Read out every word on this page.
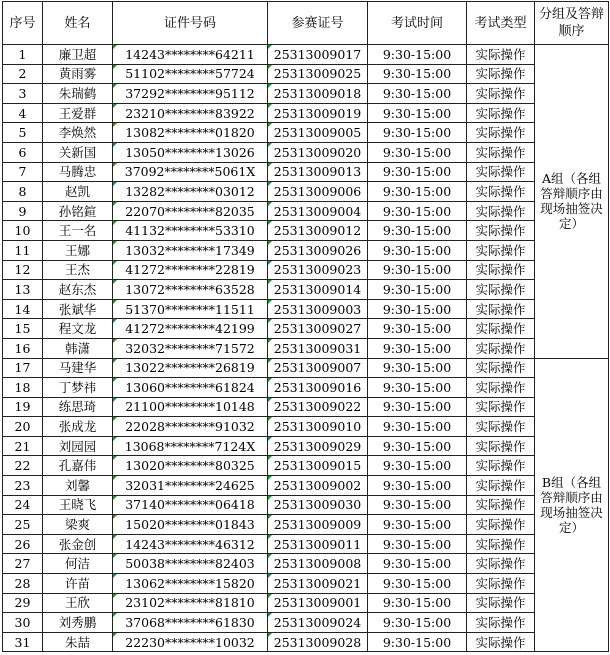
序号	姓名	证件号码	参赛证号	考试时间	考试类型	分组及答辩顺序
1	廉卫超	14243********64211	25313009017	9:30-15:00	实际操作	A组（各组答辩顺序由现场抽签决定）
2	黄雨雾	51102********57724	25313009025	9:30-15:00	实际操作	
3	朱瑞鹤	37292********95112	25313009018	9:30-15:00	实际操作	
4	王爱群	23210********83922	25313009019	9:30-15:00	实际操作	
5	李焕然	13082********01820	25313009005	9:30-15:00	实际操作	
6	关新国	13050********13026	25313009020	9:30-15:00	实际操作	
7	马腾忠	37092********5061X	25313009013	9:30-15:00	实际操作	
8	赵凯	13282********03012	25313009006	9:30-15:00	实际操作	
9	孙铭鍹	22070********82035	25313009004	9:30-15:00	实际操作	
10	王一名	41132********53310	25313009012	9:30-15:00	实际操作	
11	王娜	13032********17349	25313009026	9:30-15:00	实际操作	
12	王杰	41272********22819	25313009023	9:30-15:00	实际操作	
13	赵东杰	13072********63528	25313009014	9:30-15:00	实际操作	
14	张斌华	51370********11511	25313009003	9:30-15:00	实际操作	
15	程文龙	41272********42199	25313009027	9:30-15:00	实际操作	
16	韩潇	32032********71572	25313009031	9:30-15:00	实际操作	
17	马建华	13022********26819	25313009007	9:30-15:00	实际操作	B组（各组答辩顺序由现场抽签决定）
18	丁梦祎	13060********61824	25313009016	9:30-15:00	实际操作	
19	练思琦	21100********10148	25313009022	9:30-15:00	实际操作	
20	张成龙	22028********91032	25313009010	9:30-15:00	实际操作	
21	刘园园	13068********7124X	25313009029	9:30-15:00	实际操作	
22	孔嘉伟	13020********80325	25313009015	9:30-15:00	实际操作	
23	刘馨	32031********24625	25313009002	9:30-15:00	实际操作	
24	王晓飞	37140********06418	25313009030	9:30-15:00	实际操作	
25	梁爽	15020********01843	25313009009	9:30-15:00	实际操作	
26	张金创	14243********46312	25313009011	9:30-15:00	实际操作	
27	何洁	50038********82403	25313009008	9:30-15:00	实际操作	
28	许苗	13062********15820	25313009021	9:30-15:00	实际操作	
29	王欣	23102********81810	25313009001	9:30-15:00	实际操作	
30	刘秀鹏	37068********61830	25313009024	9:30-15:00	实际操作	
31	朱喆	22230********10032	25313009028	9:30-15:00	实际操作	
